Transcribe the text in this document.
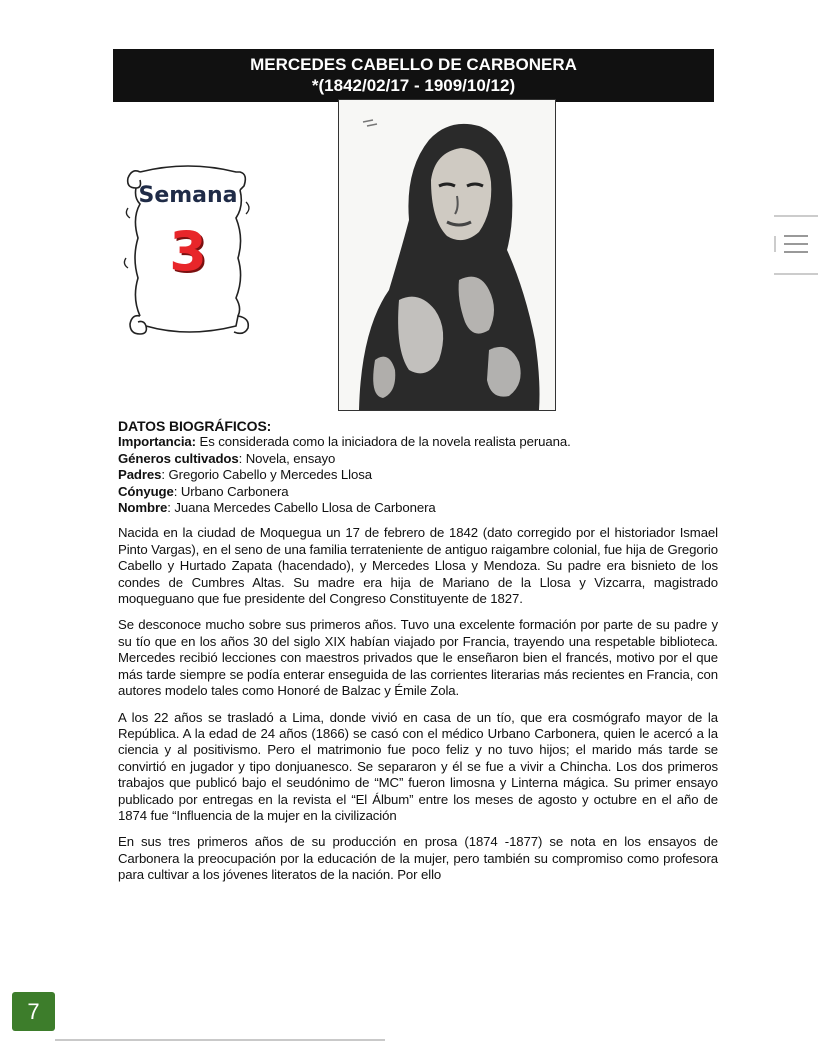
MERCEDES CABELLO DE CARBONERA
*(1842/02/17 - 1909/10/12)
Semana
3
DATOS BIOGRÁFICOS:
Importancia: Es considerada como la iniciadora de la novela realista peruana.
Géneros cultivados: Novela, ensayo
Padres: Gregorio Cabello y Mercedes Llosa
Cónyuge: Urbano Carbonera
Nombre: Juana Mercedes Cabello Llosa de Carbonera

Nacida en la ciudad de Moquegua un 17 de febrero de 1842 (dato corregido por el historiador Ismael Pinto Vargas), en el seno de una familia terrateniente de antiguo raigambre colonial, fue hija de Gregorio Cabello y Hurtado Zapata (hacendado), y Mercedes Llosa y Mendoza. Su padre era bisnieto de los condes de Cumbres Altas. Su madre era hija de Mariano de la Llosa y Vizcarra, magistrado moqueguano que fue presidente del Congreso Constituyente de 1827.

Se desconoce mucho sobre sus primeros años. Tuvo una excelente formación por parte de su padre y su tío que en los años 30 del siglo XIX habían viajado por Francia, trayendo una respetable biblioteca. Mercedes recibió lecciones con maestros privados que le enseñaron bien el francés, motivo por el que más tarde siempre se podía enterar enseguida de las corrientes literarias más recientes en Francia, con autores modelo tales como Honoré de Balzac y Émile Zola.

A los 22 años se trasladó a Lima, donde vivió en casa de un tío, que era cosmógrafo mayor de la República. A la edad de 24 años (1866) se casó con el médico Urbano Carbonera, quien le acercó a la ciencia y al positivismo. Pero el matrimonio fue poco feliz y no tuvo hijos; el marido más tarde se convirtió en jugador y tipo donjuanesco. Se separaron y él se fue a vivir a Chincha. Los dos primeros trabajos que publicó bajo el seudónimo de “MC” fueron limosna y Linterna mágica. Su primer ensayo publicado por entregas en la revista el “El Álbum” entre los meses de agosto y octubre en el año de 1874 fue “Influencia de la mujer en la civilización

En sus tres primeros años de su producción en prosa (1874 -1877) se nota en los ensayos de Carbonera la preocupación por la educación de la mujer, pero también su compromiso como profesora para cultivar a los jóvenes literatos de la nación. Por ello

7
